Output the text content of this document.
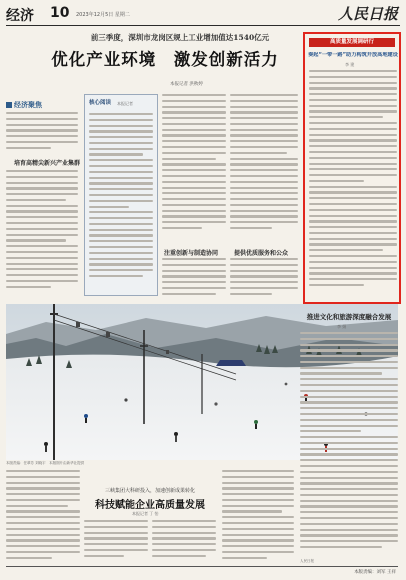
经济 10 2023年12月5日 星期二	人民日报
前三季度，深圳市龙岗区规上工业增加值达1540亿元
优化产业环境　激发创新活力
本报记者 洪秋婷
经济聚焦
培育高精尖新兴产业集群
核心阅读 本报记者
注重创新与制造协同	提供优质服务和公众
高质量发展调研行
奏起“一带一路”助力构筑开放高地建设
李 建
本版责编：任翠芳 刘晓宇　本版图片由新华社提供
推进文化和旅游深度融合发展
李 娟
三峡集团大科研投入，加速创新成果转化
科技赋能企业高质量发展
本报记者 丁 怡
本版责编：刘军 王祥
人民日报
